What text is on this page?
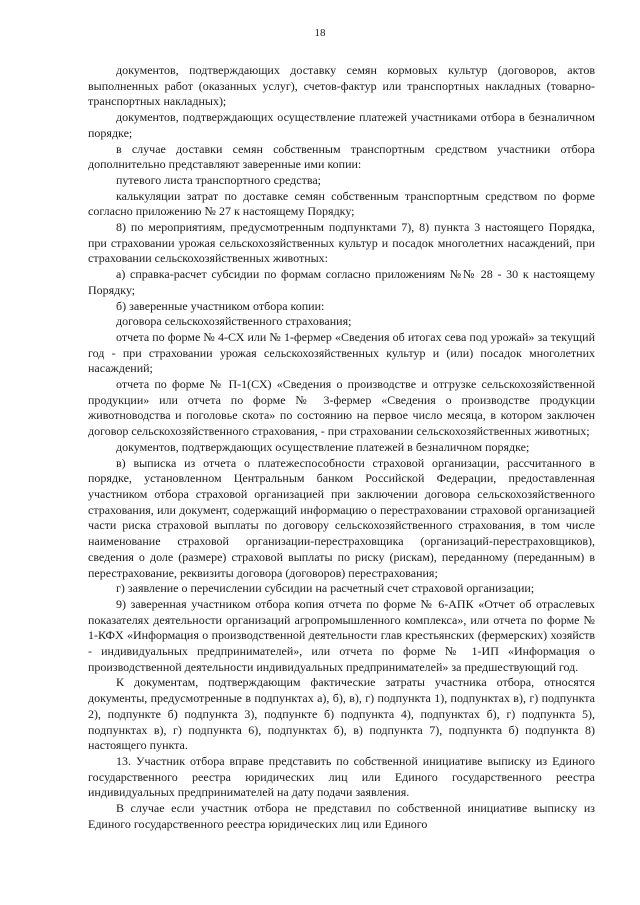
18

документов, подтверждающих доставку семян кормовых культур (договоров, актов выполненных работ (оказанных услуг), счетов-фактур или транспортных накладных (товарно-транспортных накладных);

документов, подтверждающих осуществление платежей участниками отбора в безналичном порядке;

в случае доставки семян собственным транспортным средством участники отбора дополнительно представляют заверенные ими копии:

путевого листа транспортного средства;

калькуляции затрат по доставке семян собственным транспортным средством по форме согласно приложению № 27 к настоящему Порядку;

8) по мероприятиям, предусмотренным подпунктами 7), 8) пункта 3 настоящего Порядка, при страховании урожая сельскохозяйственных культур и посадок многолетних насаждений, при страховании сельскохозяйственных животных:

а) справка-расчет субсидии по формам согласно приложениям №№ 28 - 30 к настоящему Порядку;

б) заверенные участником отбора копии:

договора сельскохозяйственного страхования;

отчета по форме № 4-СХ или № 1-фермер «Сведения об итогах сева под урожай» за текущий год - при страховании урожая сельскохозяйственных культур и (или) посадок многолетних насаждений;

отчета по форме № П-1(СХ) «Сведения о производстве и отгрузке сельскохозяйственной продукции» или отчета по форме № 3-фермер «Сведения о производстве продукции животноводства и поголовье скота» по состоянию на первое число месяца, в котором заключен договор сельскохозяйственного страхования, - при страховании сельскохозяйственных животных;

документов, подтверждающих осуществление платежей в безналичном порядке;

в) выписка из отчета о платежеспособности страховой организации, рассчитанного в порядке, установленном Центральным банком Российской Федерации, предоставленная участником отбора страховой организацией при заключении договора сельскохозяйственного страхования, или документ, содержащий информацию о перестраховании страховой организацией части риска страховой выплаты по договору сельскохозяйственного страхования, в том числе наименование страховой организации-перестраховщика (организаций-перестраховщиков), сведения о доле (размере) страховой выплаты по риску (рискам), переданному (переданным) в перестрахование, реквизиты договора (договоров) перестрахования;

г) заявление о перечислении субсидии на расчетный счет страховой организации;

9) заверенная участником отбора копия отчета по форме № 6-АПК «Отчет об отраслевых показателях деятельности организаций агропромышленного комплекса», или отчета по форме № 1-КФХ «Информация о производственной деятельности глав крестьянских (фермерских) хозяйств - индивидуальных предпринимателей», или отчета по форме № 1-ИП «Информация о производственной деятельности индивидуальных предпринимателей» за предшествующий год.

К документам, подтверждающим фактические затраты участника отбора, относятся документы, предусмотренные в подпунктах а), б), в), г) подпункта 1), подпунктах в), г) подпункта 2), подпункте б) подпункта 3), подпункте б) подпункта 4), подпунктах б), г) подпункта 5), подпунктах в), г) подпункта 6), подпунктах б), в) подпункта 7), подпункта б) подпункта 8) настоящего пункта.

13. Участник отбора вправе представить по собственной инициативе выписку из Единого государственного реестра юридических лиц или Единого государственного реестра индивидуальных предпринимателей на дату подачи заявления.

В случае если участник отбора не представил по собственной инициативе выписку из Единого государственного реестра юридических лиц или Единого
